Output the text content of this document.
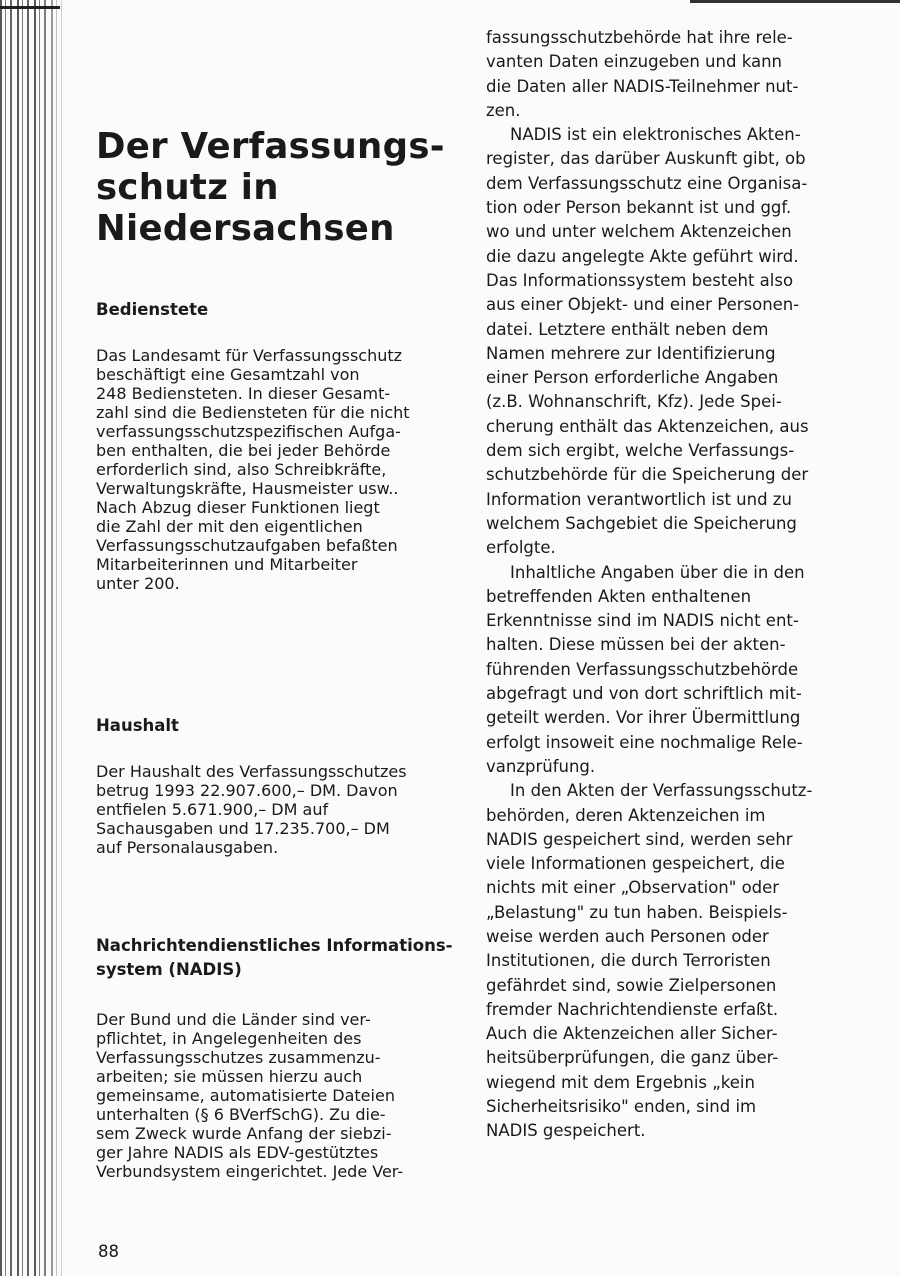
Der Verfassungs-
schutz in
Niedersachsen
Bedienstete
Das Landesamt für Verfassungsschutz
beschäftigt eine Gesamtzahl von
248 Bediensteten. In dieser Gesamt-
zahl sind die Bediensteten für die nicht
verfassungsschutzspezifischen Aufga-
ben enthalten, die bei jeder Behörde
erforderlich sind, also Schreibkräfte,
Verwaltungskräfte, Hausmeister usw..
Nach Abzug dieser Funktionen liegt
die Zahl der mit den eigentlichen
Verfassungsschutzaufgaben befaßten
Mitarbeiterinnen und Mitarbeiter
unter 200.
Haushalt
Der Haushalt des Verfassungsschutzes
betrug 1993 22.907.600,– DM. Davon
entfielen 5.671.900,– DM auf
Sachausgaben und 17.235.700,– DM
auf Personalausgaben.
Nachrichtendienstliches Informations-
system (NADIS)
Der Bund und die Länder sind ver-
pflichtet, in Angelegenheiten des
Verfassungsschutzes zusammenzu-
arbeiten; sie müssen hierzu auch
gemeinsame, automatisierte Dateien
unterhalten (§ 6 BVerfSchG). Zu die-
sem Zweck wurde Anfang der siebzi-
ger Jahre NADIS als EDV-gestütztes
Verbundsystem eingerichtet. Jede Ver-
fassungsschutzbehörde hat ihre rele-
vanten Daten einzugeben und kann
die Daten aller NADIS-Teilnehmer nut-
zen.
NADIS ist ein elektronisches Akten-
register, das darüber Auskunft gibt, ob
dem Verfassungsschutz eine Organisa-
tion oder Person bekannt ist und ggf.
wo und unter welchem Aktenzeichen
die dazu angelegte Akte geführt wird.
Das Informationssystem besteht also
aus einer Objekt- und einer Personen-
datei. Letztere enthält neben dem
Namen mehrere zur Identifizierung
einer Person erforderliche Angaben
(z.B. Wohnanschrift, Kfz). Jede Spei-
cherung enthält das Aktenzeichen, aus
dem sich ergibt, welche Verfassungs-
schutzbehörde für die Speicherung der
Information verantwortlich ist und zu
welchem Sachgebiet die Speicherung
erfolgte.
Inhaltliche Angaben über die in den
betreffenden Akten enthaltenen
Erkenntnisse sind im NADIS nicht ent-
halten. Diese müssen bei der akten-
führenden Verfassungsschutzbehörde
abgefragt und von dort schriftlich mit-
geteilt werden. Vor ihrer Übermittlung
erfolgt insoweit eine nochmalige Rele-
vanzprüfung.
In den Akten der Verfassungsschutz-
behörden, deren Aktenzeichen im
NADIS gespeichert sind, werden sehr
viele Informationen gespeichert, die
nichts mit einer „Observation" oder
„Belastung" zu tun haben. Beispiels-
weise werden auch Personen oder
Institutionen, die durch Terroristen
gefährdet sind, sowie Zielpersonen
fremder Nachrichtendienste erfaßt.
Auch die Aktenzeichen aller Sicher-
heitsüberprüfungen, die ganz über-
wiegend mit dem Ergebnis „kein
Sicherheitsrisiko" enden, sind im
NADIS gespeichert.
88
